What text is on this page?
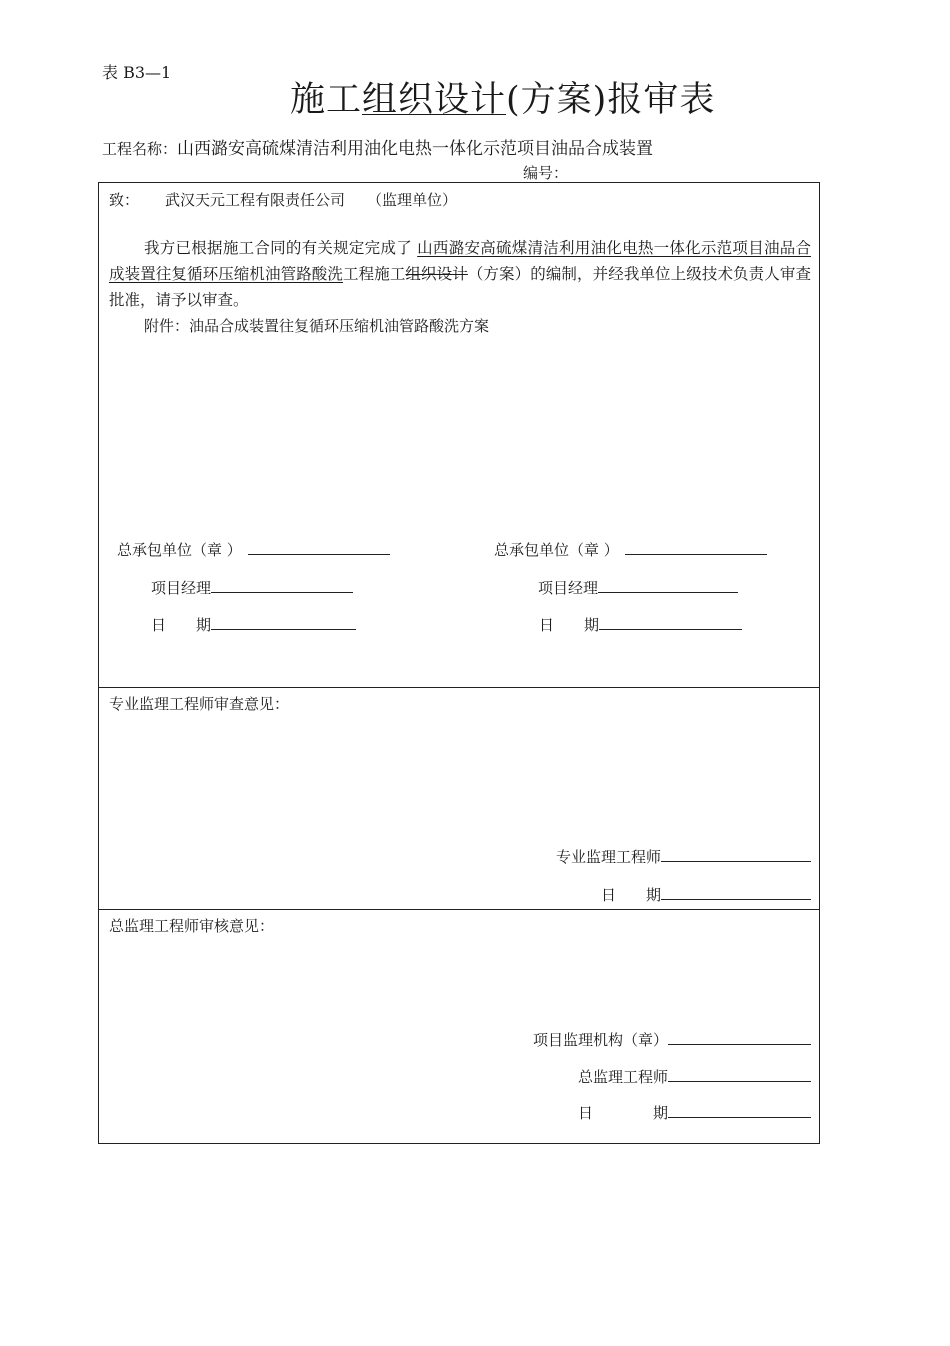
表 B3—1
施工组织设计(方案)报审表
工程名称：山西潞安高硫煤清洁利用油化电热一体化示范项目油品合成装置
编号：
致： 武汉天元工程有限责任公司 （监理单位）
我方已根据施工合同的有关规定完成了 山西潞安高硫煤清洁利用油化电热一体化示范项目油品合成装置往复循环压缩机油管路酸洗工程施工组织设计（方案）的编制，并经我单位上级技术负责人审查批准，请予以审查。
附件：油品合成装置往复循环压缩机油管路酸洗方案
总承包单位（章 ）
项目经理
日　　期
总承包单位（章 ）
项目经理
日　　期
专业监理工程师审查意见：
专业监理工程师
日　　期
总监理工程师审核意见：
项目监理机构（章）
总监理工程师
日　　　　期
